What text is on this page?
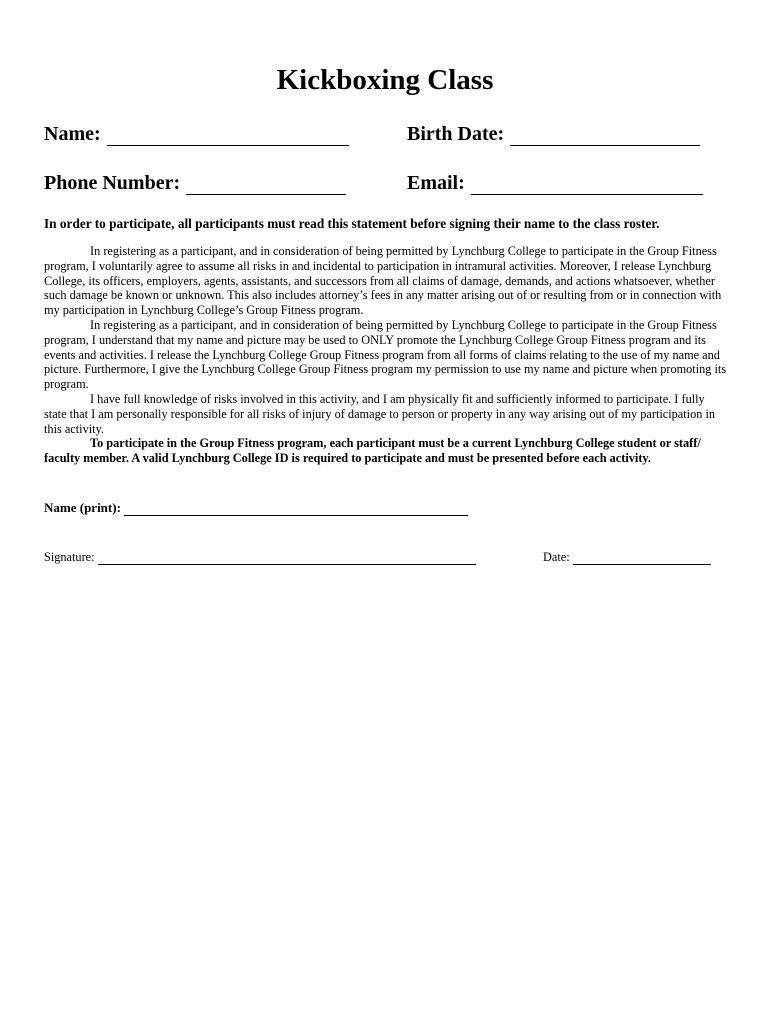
Kickboxing Class
Name:	Birth Date:
Phone Number:	Email:
In order to participate, all participants must read this statement before signing their name to the class roster.

In registering as a participant, and in consideration of being permitted by Lynchburg College to participate in the Group Fitness program, I voluntarily agree to assume all risks in and incidental to participation in intramural activities. Moreover, I release Lynchburg College, its officers, employers, agents, assistants, and successors from all claims of damage, demands, and actions whatsoever, whether such damage be known or unknown. This also includes attorney’s fees in any matter arising out of or resulting from or in connection with my participation in Lynchburg College’s Group Fitness program.

In registering as a participant, and in consideration of being permitted by Lynchburg College to participate in the Group Fitness program, I understand that my name and picture may be used to ONLY promote the Lynchburg College Group Fitness program and its events and activities. I release the Lynchburg College Group Fitness program from all forms of claims relating to the use of my name and picture. Furthermore, I give the Lynchburg College Group Fitness program my permission to use my name and picture when promoting its program.

I have full knowledge of risks involved in this activity, and I am physically fit and sufficiently informed to participate. I fully state that I am personally responsible for all risks of injury of damage to person or property in any way arising out of my participation in this activity.

To participate in the Group Fitness program, each participant must be a current Lynchburg College student or staff/ faculty member. A valid Lynchburg College ID is required to participate and must be presented before each activity.

Name (print):
Signature:	Date:
